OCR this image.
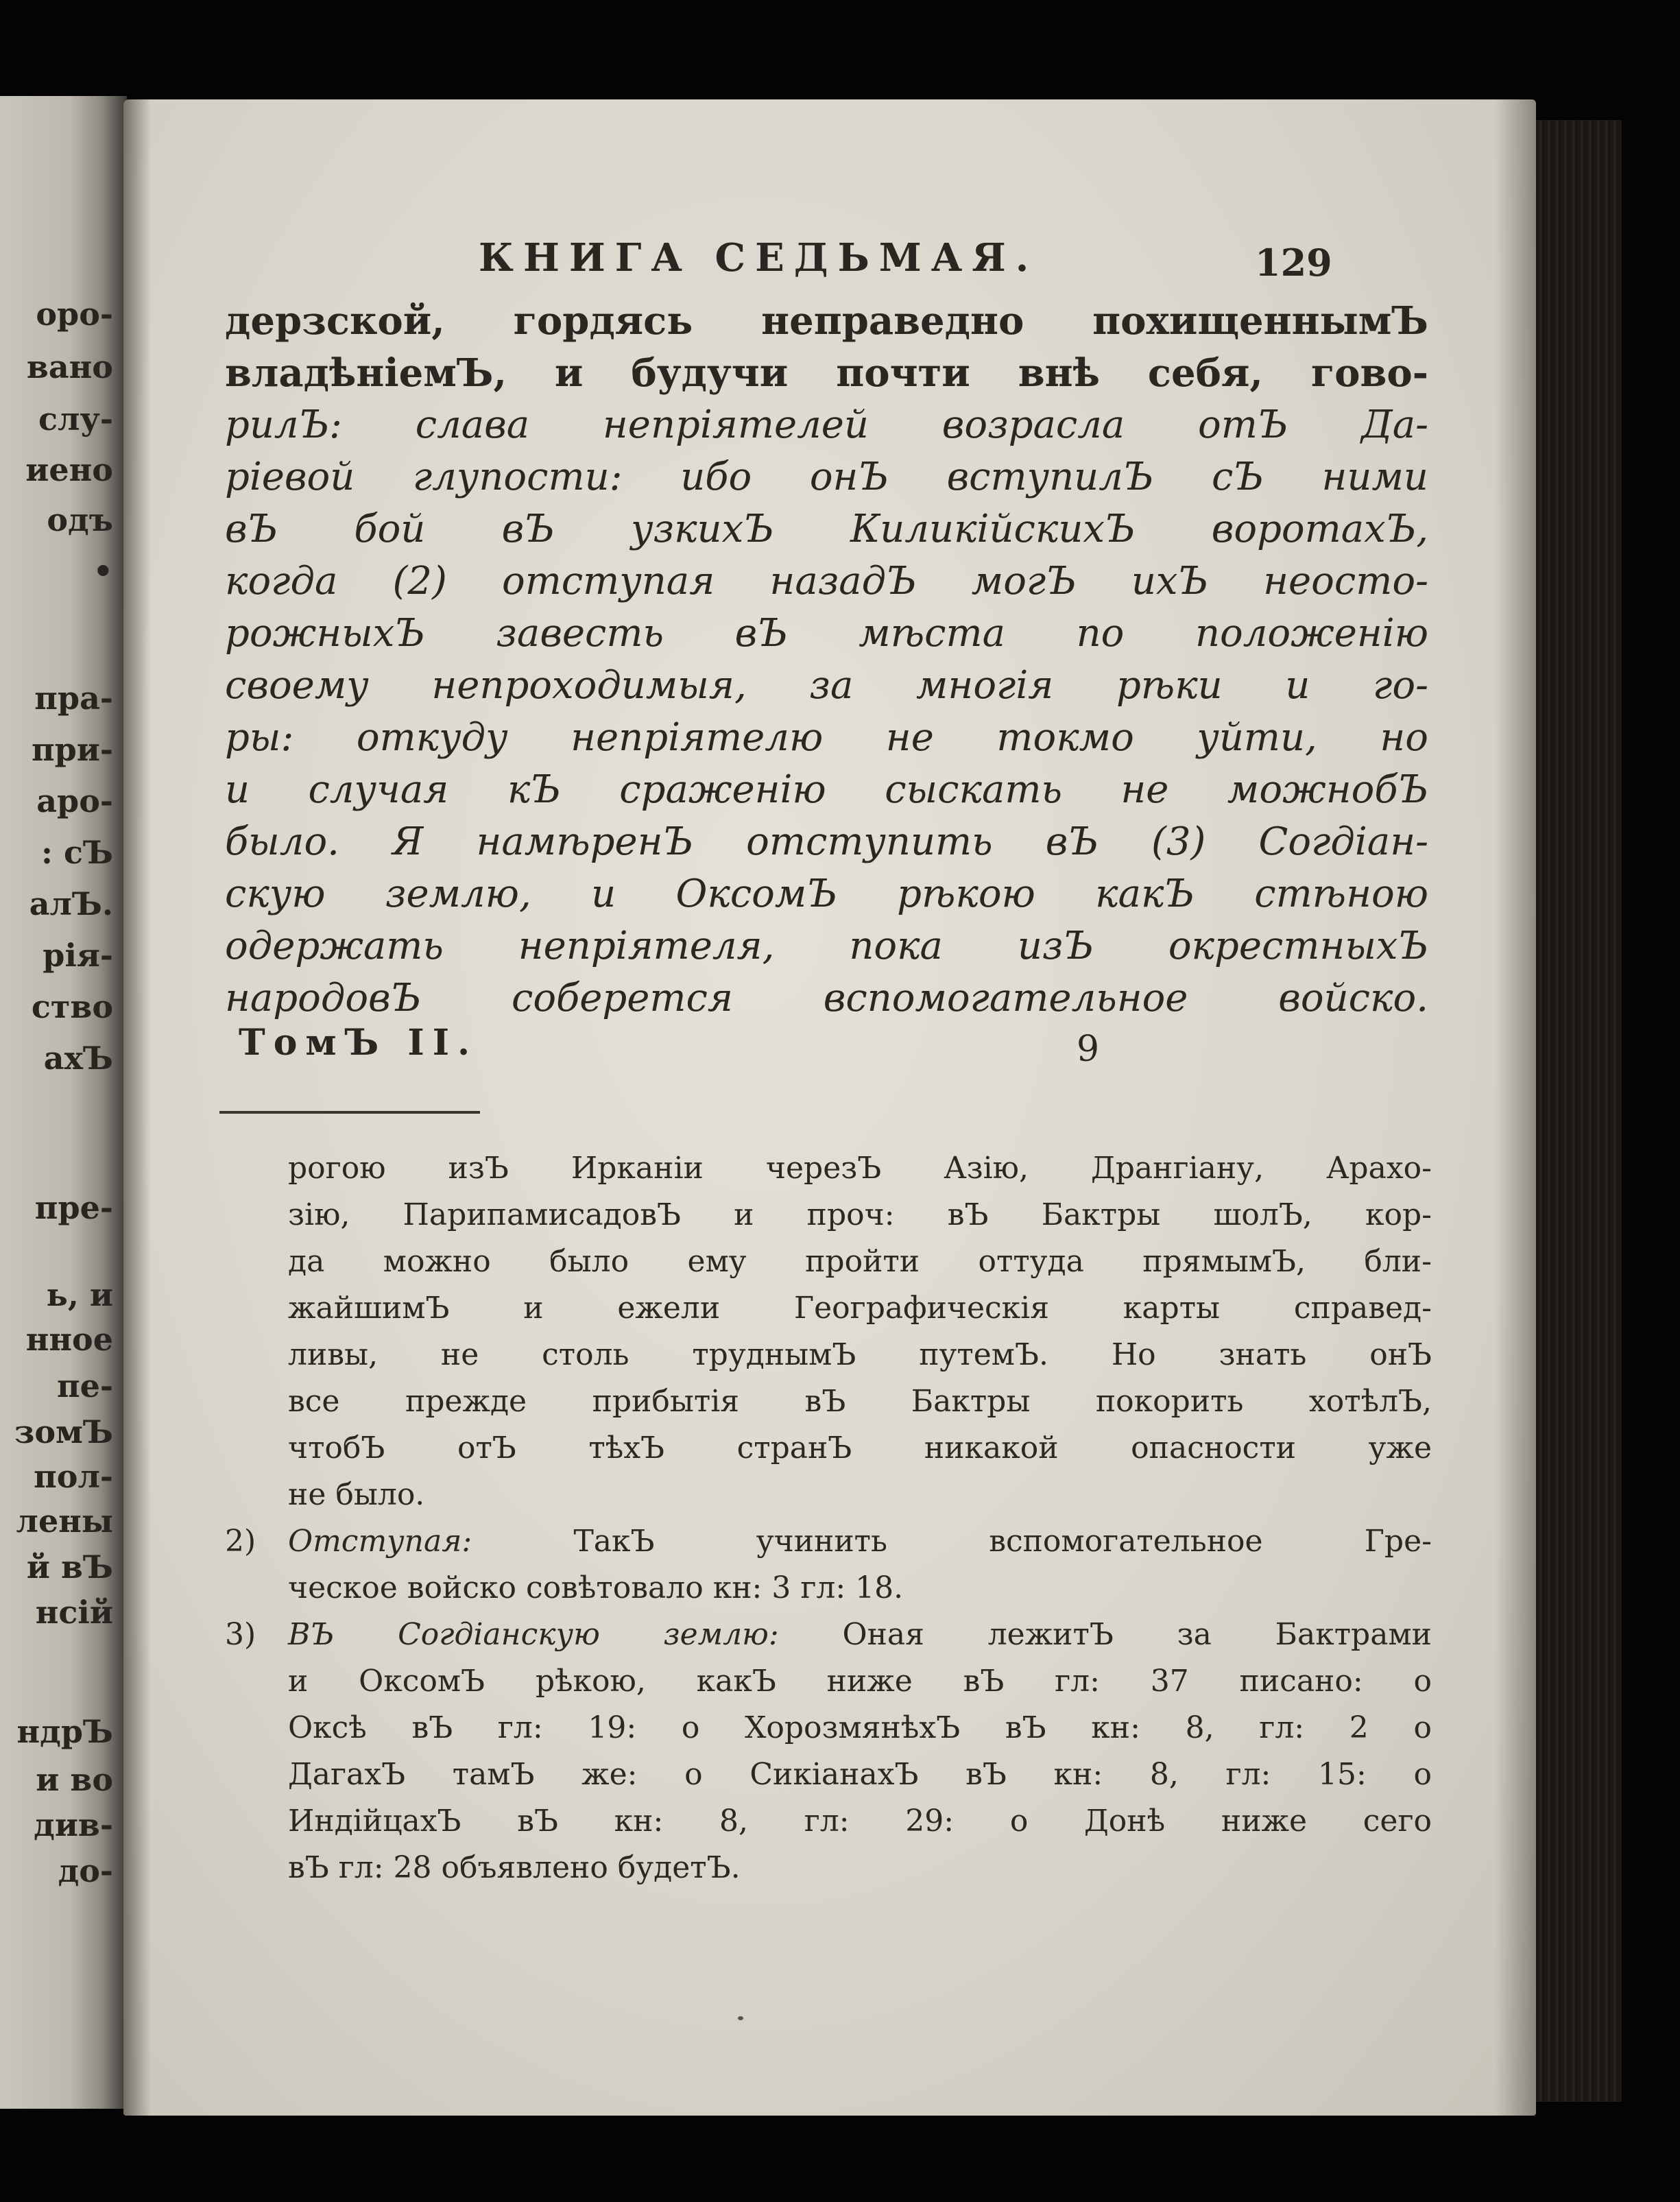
оро-

вано

слу-

иено

одъ

•

пра-

при-

аро-

: сЪ

алЪ.

рія-

ство

ахЪ

пре-

ь, и

нное

пе-

зомЪ

пол-

лены

й вЪ

нсій

ндрЪ

и во

див-

до-

КНИГА СЕДЬМАЯ.	129

дерзской, гордясь неправедно похищеннымЪ

владѣніемЪ, и будучи почти внѣ себя, гово-

рилЪ: слава непріятелей возрасла отЪ Да-

ріевой глупости: ибо онЪ вступилЪ сЪ ними

вЪ бой вЪ узкихЪ КиликійскихЪ воротахЪ,

когда (2) отступая назадЪ могЪ ихЪ неосто-

рожныхЪ завесть вЪ мѣста по положенію

своему непроходимыя, за многія рѣки и го-

ры: откуду непріятелю не токмо уйти, но

и случая кЪ сраженію сыскать не можнобЪ

было. Я намѣренЪ отступить вЪ (3) Согдіан-

скую землю, и ОксомЪ рѣкою какЪ стѣною

одержать непріятеля, пока изЪ окрестныхЪ

народовЪ соберется вспомогательное войско.

ТомЪ II.	9

рогою изЪ Ирканіи черезЪ Азію, Дрангіану, Арахо-

зію, ПарипамисадовЪ и проч: вЪ Бактры шолЪ, кор-

да можно было ему пройти оттуда прямымЪ, бли-

жайшимЪ и ежели Географическія карты справед-

ливы, не столь труднымЪ путемЪ. Но знать онЪ

все прежде прибытія вЪ Бактры покорить хотѣлЪ,

чтобЪ отЪ тѣхЪ странЪ никакой опасности уже

не было.

2) Отступая:	ТакЪ учинить вспомогательное Гре-

ческое войско совѣтовало кн: 3 гл: 18.

3) ВЪ Согдіанскую землю: Оная лежитЪ за Бактрами

и ОксомЪ рѣкою, какЪ ниже вЪ гл: 37 писано: о

Оксѣ вЪ гл: 19: о ХорозмянѣхЪ вЪ кн: 8, гл: 2 о

ДагахЪ тамЪ же: о СикіанахЪ вЪ кн: 8, гл: 15: о

ИндійцахЪ вЪ кн: 8, гл: 29: о Донѣ ниже сего

вЪ гл: 28 объявлено будетЪ.
